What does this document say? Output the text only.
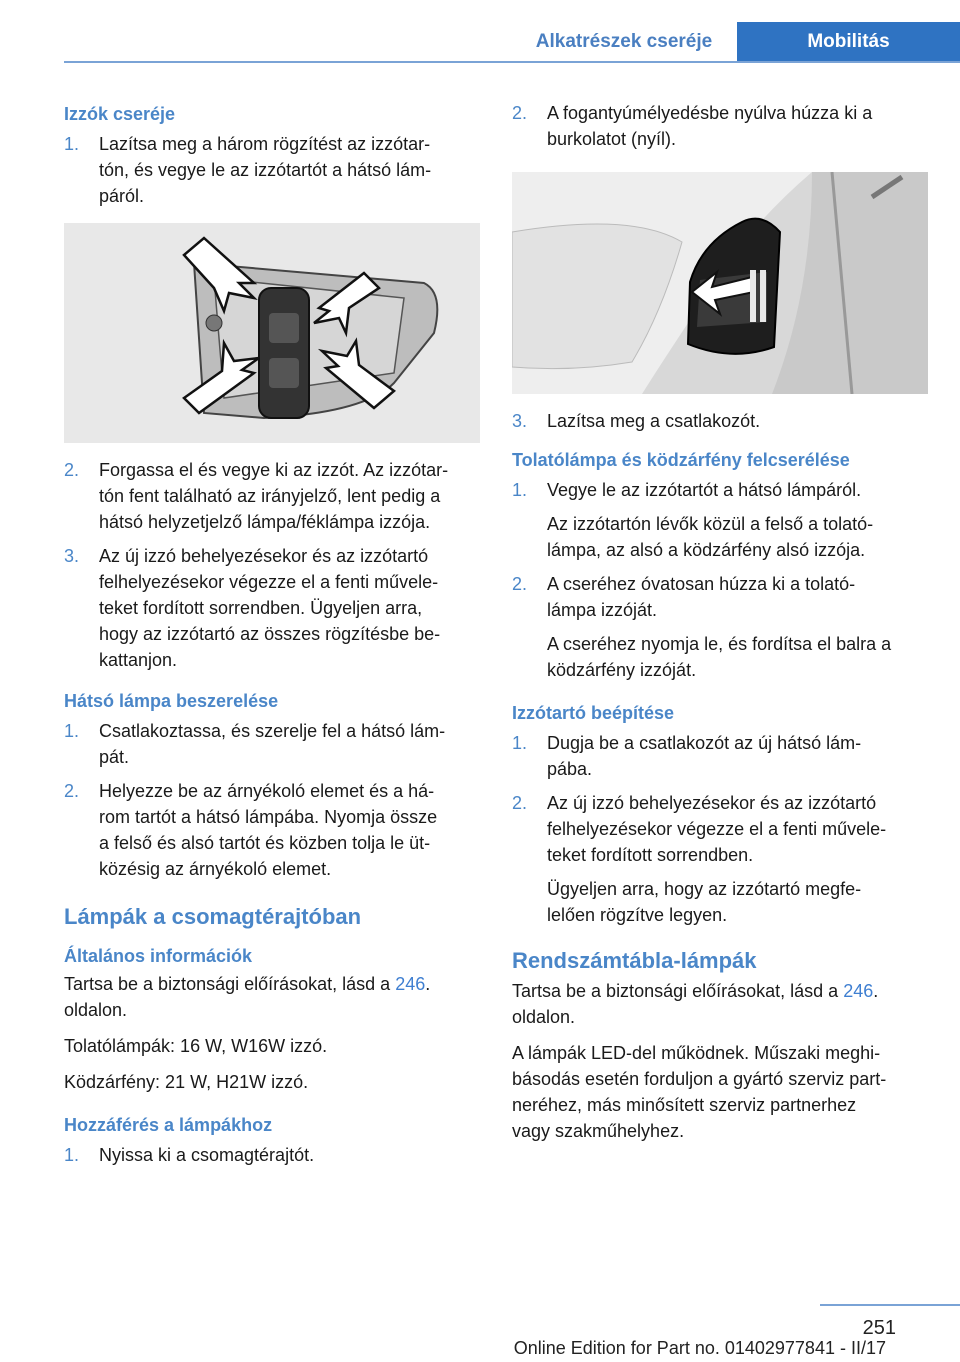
Alkatrészek cseréje	Mobilitás
Izzók cseréje
1.	Lazítsa meg a három rögzítést az izzótar-
tón, és vegye le az izzótartót a hátsó lám-
páról.
2.	Forgassa el és vegye ki az izzót. Az izzótar-
tón fent található az irányjelző, lent pedig a
hátsó helyzetjelző lámpa/féklámpa izzója.
3.	Az új izzó behelyezésekor és az izzótartó
felhelyezésekor végezze el a fenti művele-
teket fordított sorrendben. Ügyeljen arra,
hogy az izzótartó az összes rögzítésbe be-
kattanjon.
Hátsó lámpa beszerelése
1.	Csatlakoztassa, és szerelje fel a hátsó lám-
pát.
2.	Helyezze be az árnyékoló elemet és a há-
rom tartót a hátsó lámpába. Nyomja össze
a felső és alsó tartót és közben tolja le üt-
közésig az árnyékoló elemet.
Lámpák a csomagtérajtóban
Általános információk

Tartsa be a biztonsági előírásokat, lásd a 246.
oldalon.

Tolatólámpák: 16 W, W16W izzó.

Ködzárfény: 21 W, H21W izzó.

Hozzáférés a lámpákhoz
1.	Nyissa ki a csomagtérajtót.
2.	A fogantyúmélyedésbe nyúlva húzza ki a
burkolatot (nyíl).
3.	Lazítsa meg a csatlakozót.
Tolatólámpa és ködzárfény felcserélése
1.	Vegye le az izzótartót a hátsó lámpáról.
Az izzótartón lévők közül a felső a tolató-
lámpa, az alsó a ködzárfény alsó izzója.
2.	A cseréhez óvatosan húzza ki a tolató-
lámpa izzóját.
A cseréhez nyomja le, és fordítsa el balra a
ködzárfény izzóját.
Izzótartó beépítése
1.	Dugja be a csatlakozót az új hátsó lám-
pába.
2.	Az új izzó behelyezésekor és az izzótartó
felhelyezésekor végezze el a fenti művele-
teket fordított sorrendben.
Ügyeljen arra, hogy az izzótartó megfe-
lelően rögzítve legyen.
Rendszámtábla-lámpák

Tartsa be a biztonsági előírásokat, lásd a 246.
oldalon.

A lámpák LED-del működnek. Műszaki meghi-
básodás esetén forduljon a gyártó szerviz part-
neréhez, más minősített szerviz partnerhez
vagy szakműhelyhez.

251
Online Edition for Part no. 01402977841 - II/17
